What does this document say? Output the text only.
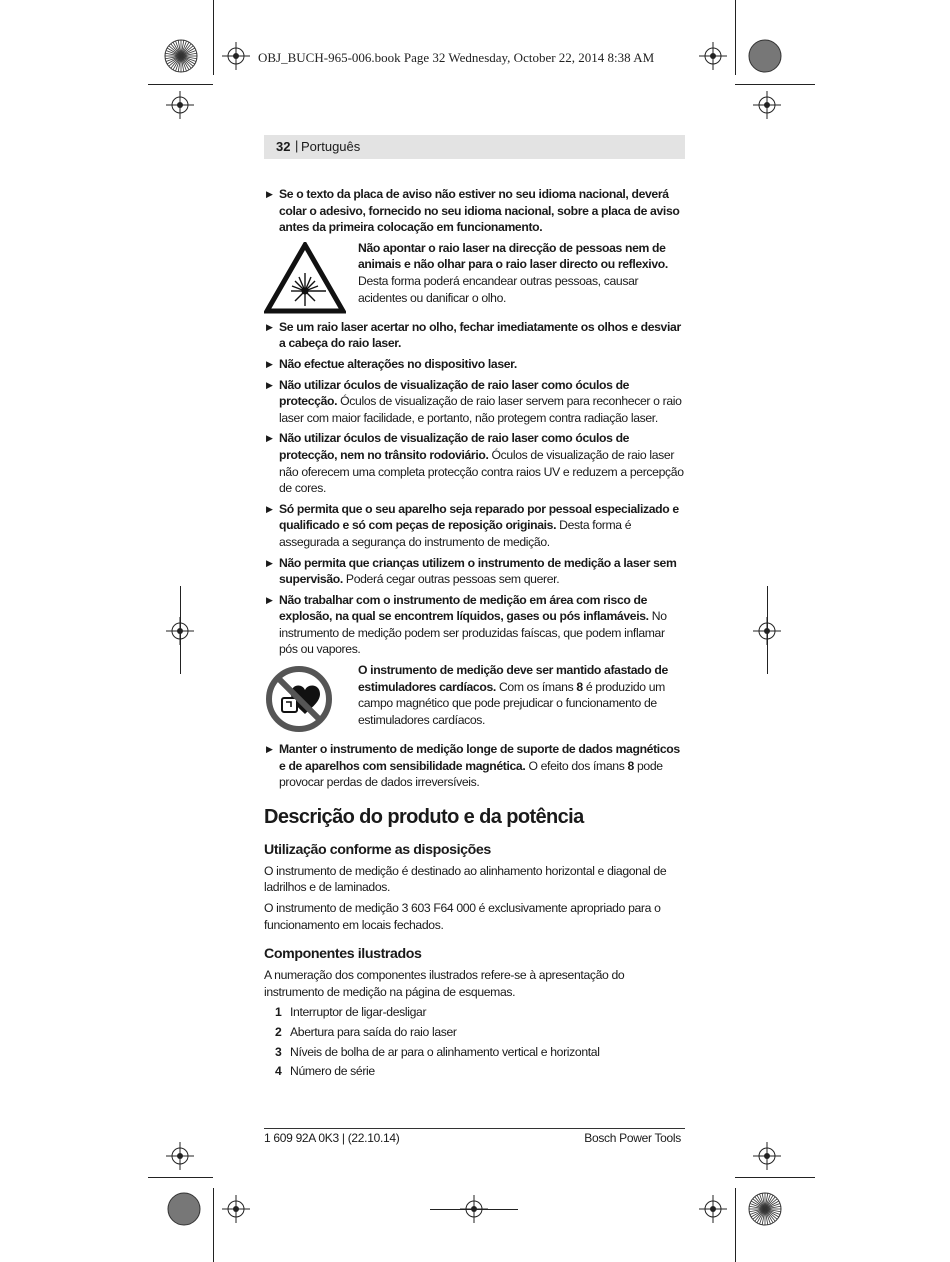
OBJ_BUCH-965-006.book Page 32 Wednesday, October 22, 2014 8:38 AM
32 | Português
▶ Se o texto da placa de aviso não estiver no seu idioma nacional, deverá colar o adesivo, fornecido no seu idioma nacional, sobre a placa de aviso antes da primeira colocação em funcionamento.
Não apontar o raio laser na direcção de pessoas nem de animais e não olhar para o raio laser directo ou reflexivo. Desta forma poderá encandear outras pessoas, causar acidentes ou danificar o olho.
▶ Se um raio laser acertar no olho, fechar imediatamente os olhos e desviar a cabeça do raio laser.
▶ Não efectue alterações no dispositivo laser.
▶ Não utilizar óculos de visualização de raio laser como óculos de protecção. Óculos de visualização de raio laser servem para reconhecer o raio laser com maior facilidade, e portanto, não protegem contra radiação laser.
▶ Não utilizar óculos de visualização de raio laser como óculos de protecção, nem no trânsito rodoviário. Óculos de visualização de raio laser não oferecem uma completa protecção contra raios UV e reduzem a percepção de cores.
▶ Só permita que o seu aparelho seja reparado por pessoal especializado e qualificado e só com peças de reposição originais. Desta forma é assegurada a segurança do instrumento de medição.
▶ Não permita que crianças utilizem o instrumento de medição a laser sem supervisão. Poderá cegar outras pessoas sem querer.
▶ Não trabalhar com o instrumento de medição em área com risco de explosão, na qual se encontrem líquidos, gases ou pós inflamáveis. No instrumento de medição podem ser produzidas faíscas, que podem inflamar pós ou vapores.
O instrumento de medição deve ser mantido afastado de estimuladores cardíacos. Com os ímans 8 é produzido um campo magnético que pode prejudicar o funcionamento de estimuladores cardíacos.
▶ Manter o instrumento de medição longe de suporte de dados magnéticos e de aparelhos com sensibilidade magnética. O efeito dos ímans 8 pode provocar perdas de dados irreversíveis.
Descrição do produto e da potência
Utilização conforme as disposições

O instrumento de medição é destinado ao alinhamento horizontal e diagonal de ladrilhos e de laminados.

O instrumento de medição 3 603 F64 000 é exclusivamente apropriado para o funcionamento em locais fechados.

Componentes ilustrados

A numeração dos componentes ilustrados refere-se à apresentação do instrumento de medição na página de esquemas.

1 Interruptor de ligar-desligar
2 Abertura para saída do raio laser
3 Níveis de bolha de ar para o alinhamento vertical e horizontal
4 Número de série
1 609 92A 0K3 | (22.10.14)	Bosch Power Tools
